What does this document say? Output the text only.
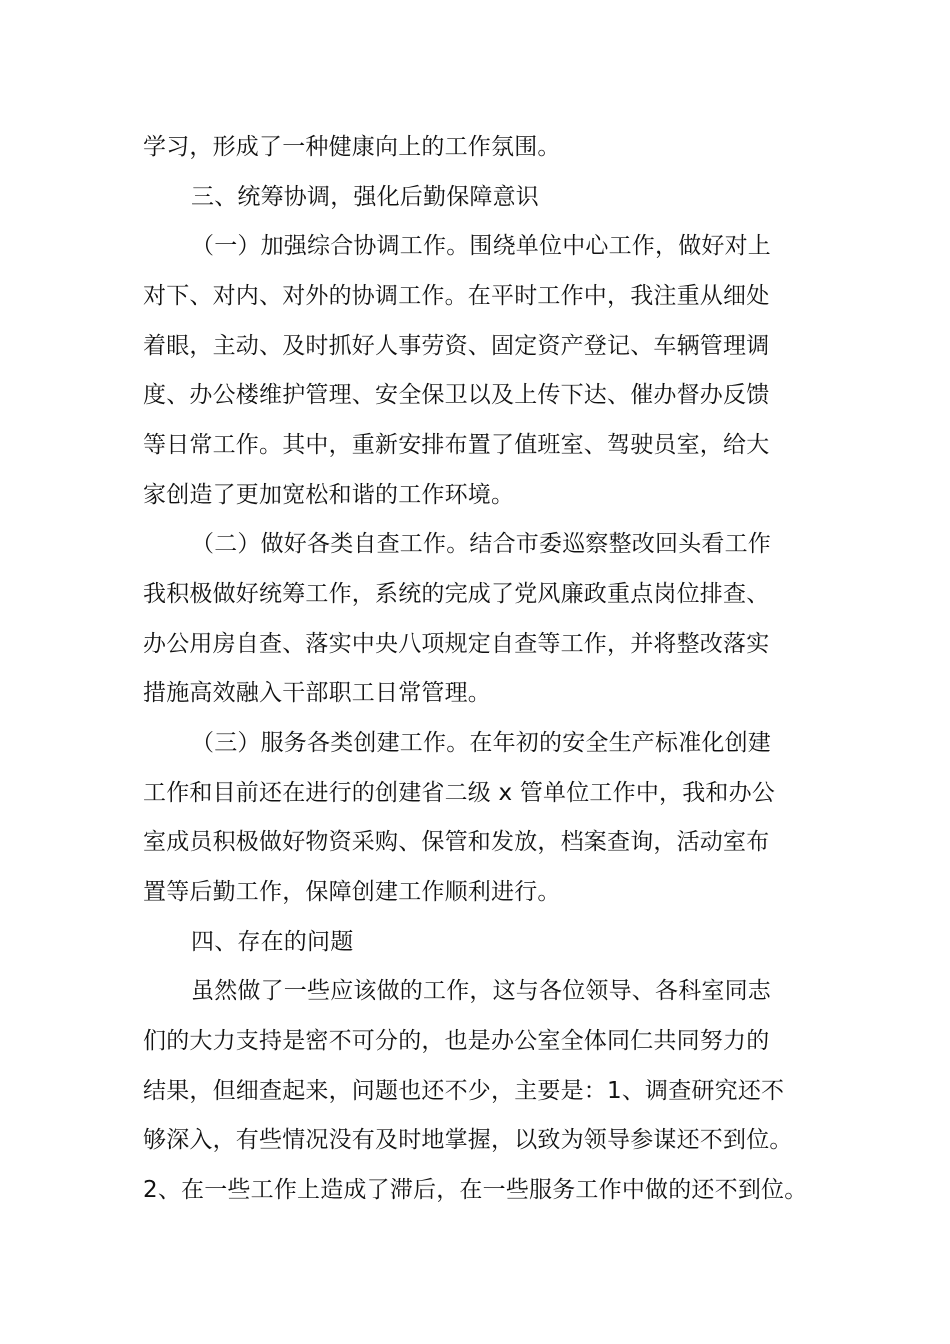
学习，形成了一种健康向上的工作氛围。
三、统筹协调，强化后勤保障意识
（一）加强综合协调工作。围绕单位中心工作，做好对上
对下、对内、对外的协调工作。在平时工作中，我注重从细处
着眼，主动、及时抓好人事劳资、固定资产登记、车辆管理调
度、办公楼维护管理、安全保卫以及上传下达、催办督办反馈
等日常工作。其中，重新安排布置了值班室、驾驶员室，给大
家创造了更加宽松和谐的工作环境。
（二）做好各类自查工作。结合市委巡察整改回头看工作
我积极做好统筹工作，系统的完成了党风廉政重点岗位排查、
办公用房自查、落实中央八项规定自查等工作，并将整改落实
措施高效融入干部职工日常管理。
（三）服务各类创建工作。在年初的安全生产标准化创建
工作和目前还在进行的创建省二级 x 管单位工作中，我和办公
室成员积极做好物资采购、保管和发放，档案查询，活动室布
置等后勤工作，保障创建工作顺利进行。
四、存在的问题
虽然做了一些应该做的工作，这与各位领导、各科室同志
们的大力支持是密不可分的，也是办公室全体同仁共同努力的
结果，但细查起来，问题也还不少，主要是：1、调查研究还不
够深入，有些情况没有及时地掌握，以致为领导参谋还不到位。
2、在一些工作上造成了滞后，在一些服务工作中做的还不到位。
